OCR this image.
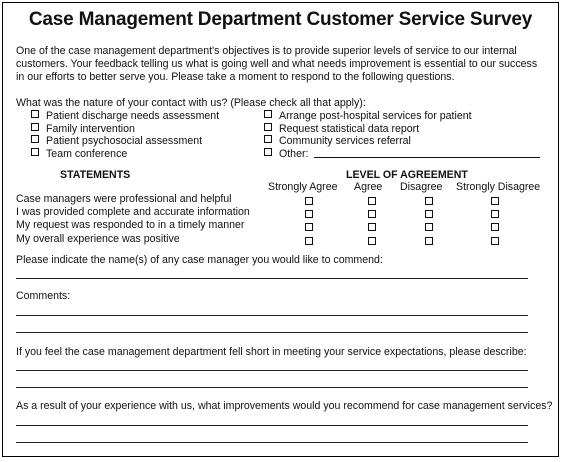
Case Management Department Customer Service Survey
One of the case management department's objectives is to provide superior levels of service to our internal customers. Your feedback telling us what is going well and what needs improvement is essential to our success in our efforts to better serve you. Please take a moment to respond to the following questions.
What was the nature of your contact with us? (Please check all that apply):
Patient discharge needs assessment
Family intervention
Patient psychosocial assessment
Team conference
Arrange post-hospital services for patient
Request statistical data report
Community services referral
Other:
STATEMENTS	LEVEL OF AGREEMENT
Strongly Agree Agree Disagree Strongly Disagree
Case managers were professional and helpful
I was provided complete and accurate information
My request was responded to in a timely manner
My overall experience was positive
Please indicate the name(s) of any case manager you would like to commend:
Comments:
If you feel the case management department fell short in meeting your service expectations, please describe:
As a result of your experience with us, what improvements would you recommend for case management services?
